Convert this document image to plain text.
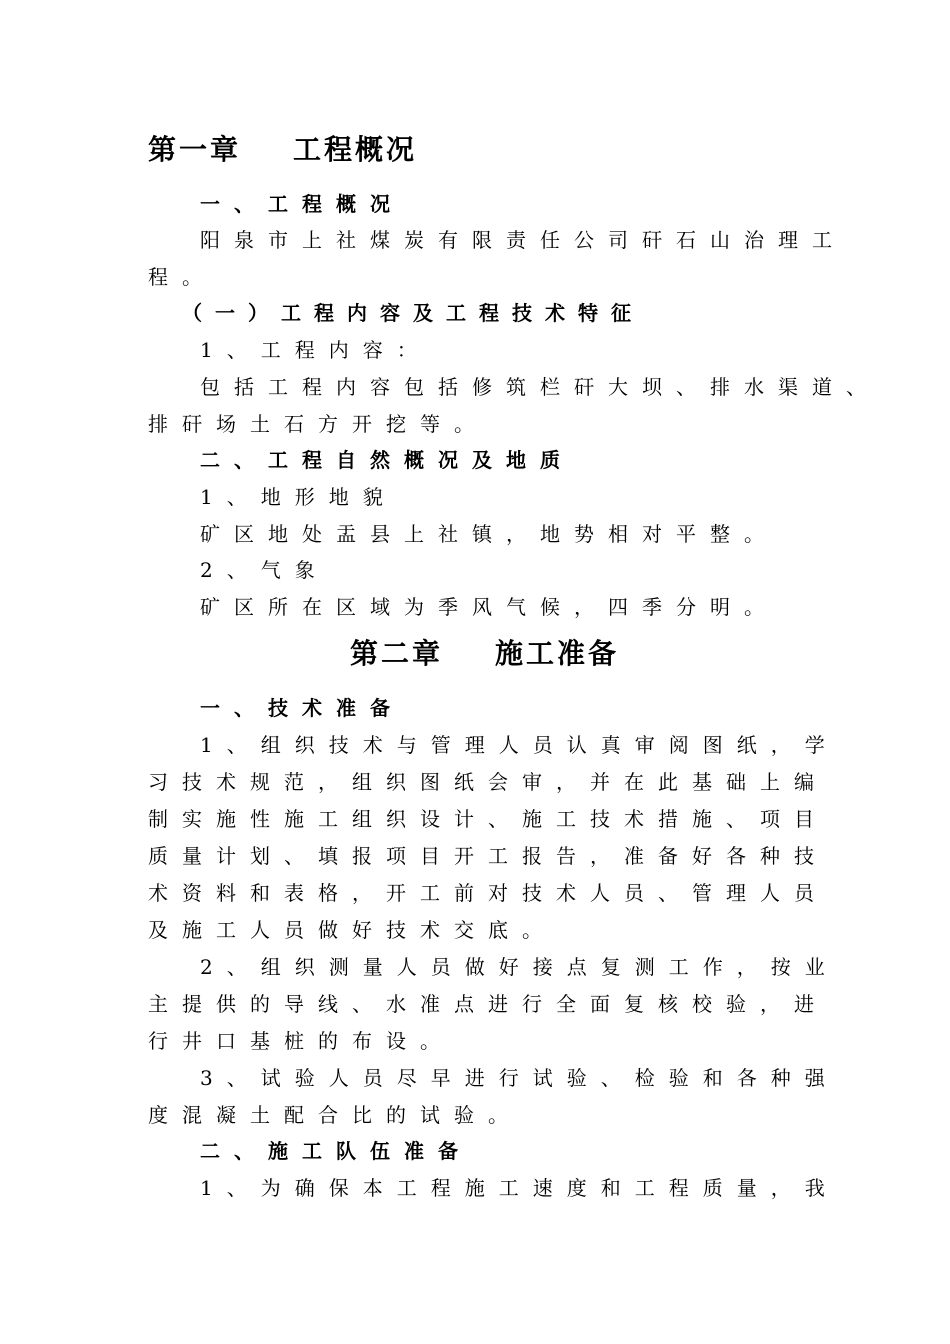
第一章 工程概况
一、工程概况
阳泉市上社煤炭有限责任公司矸石山治理工
程。
（一）工程内容及工程技术特征
1、工程内容：
包括工程内容包括修筑栏矸大坝、排水渠道、
排矸场土石方开挖等。
二、工程自然概况及地质
1、地形地貌
矿区地处盂县上社镇，地势相对平整。
2、气象
矿区所在区域为季风气候，四季分明。
第二章 施工准备
一、技术准备
1、组织技术与管理人员认真审阅图纸，学
习技术规范，组织图纸会审，并在此基础上编
制实施性施工组织设计、施工技术措施、项目
质量计划、填报项目开工报告，准备好各种技
术资料和表格，开工前对技术人员、管理人员
及施工人员做好技术交底。
2、组织测量人员做好接点复测工作，按业
主提供的导线、水准点进行全面复核校验，进
行井口基桩的布设。
3、试验人员尽早进行试验、检验和各种强
度混凝土配合比的试验。
二、施工队伍准备
1、为确保本工程施工速度和工程质量，我
